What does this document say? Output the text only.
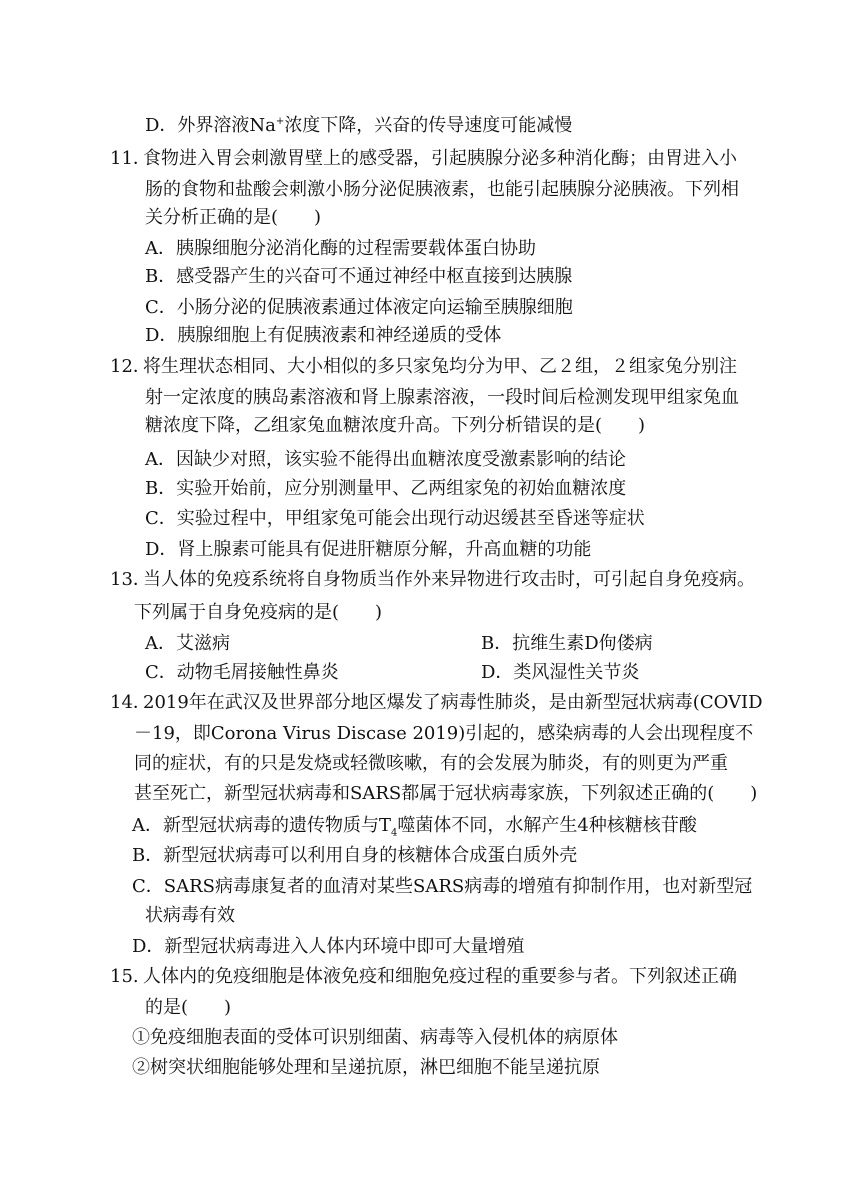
D．外界溶液Na+浓度下降，兴奋的传导速度可能减慢
11．食物进入胃会刺激胃壁上的感受器，引起胰腺分泌多种消化酶；由胃进入小
肠的食物和盐酸会刺激小肠分泌促胰液素，也能引起胰腺分泌胰液。下列相
关分析正确的是(　　)
A．胰腺细胞分泌消化酶的过程需要载体蛋白协助
B．感受器产生的兴奋可不通过神经中枢直接到达胰腺
C．小肠分泌的促胰液素通过体液定向运输至胰腺细胞
D．胰腺细胞上有促胰液素和神经递质的受体
12．将生理状态相同、大小相似的多只家兔均分为甲、乙２组，２组家兔分别注
射一定浓度的胰岛素溶液和肾上腺素溶液，一段时间后检测发现甲组家兔血
糖浓度下降，乙组家兔血糖浓度升高。下列分析错误的是(　　)
A．因缺少对照，该实验不能得出血糖浓度受激素影响的结论
B．实验开始前，应分别测量甲、乙两组家兔的初始血糖浓度
C．实验过程中，甲组家兔可能会出现行动迟缓甚至昏迷等症状
D．肾上腺素可能具有促进肝糖原分解，升高血糖的功能
13．当人体的免疫系统将自身物质当作外来异物进行攻击时，可引起自身免疫病。
下列属于自身免疫病的是(　　)
A．艾滋病	B．抗维生素D佝偻病
C．动物毛屑接触性鼻炎	D．类风湿性关节炎
14．2019年在武汉及世界部分地区爆发了病毒性肺炎，是由新型冠状病毒(COVID
－19，即Corona Virus Discase 2019)引起的，感染病毒的人会出现程度不
同的症状，有的只是发烧或轻微咳嗽，有的会发展为肺炎，有的则更为严重
甚至死亡，新型冠状病毒和SARS都属于冠状病毒家族，下列叙述正确的(　　)
A．新型冠状病毒的遗传物质与$T_4$噬菌体不同，水解产生4种核糖核苷酸
B．新型冠状病毒可以利用自身的核糖体合成蛋白质外壳
C．SARS病毒康复者的血清对某些SARS病毒的增殖有抑制作用，也对新型冠
状病毒有效
D．新型冠状病毒进入人体内环境中即可大量增殖
15. 人体内的免疫细胞是体液免疫和细胞免疫过程的重要参与者。下列叙述正确
的是(　　)
①免疫细胞表面的受体可识别细菌、病毒等入侵机体的病原体
②树突状细胞能够处理和呈递抗原，淋巴细胞不能呈递抗原
